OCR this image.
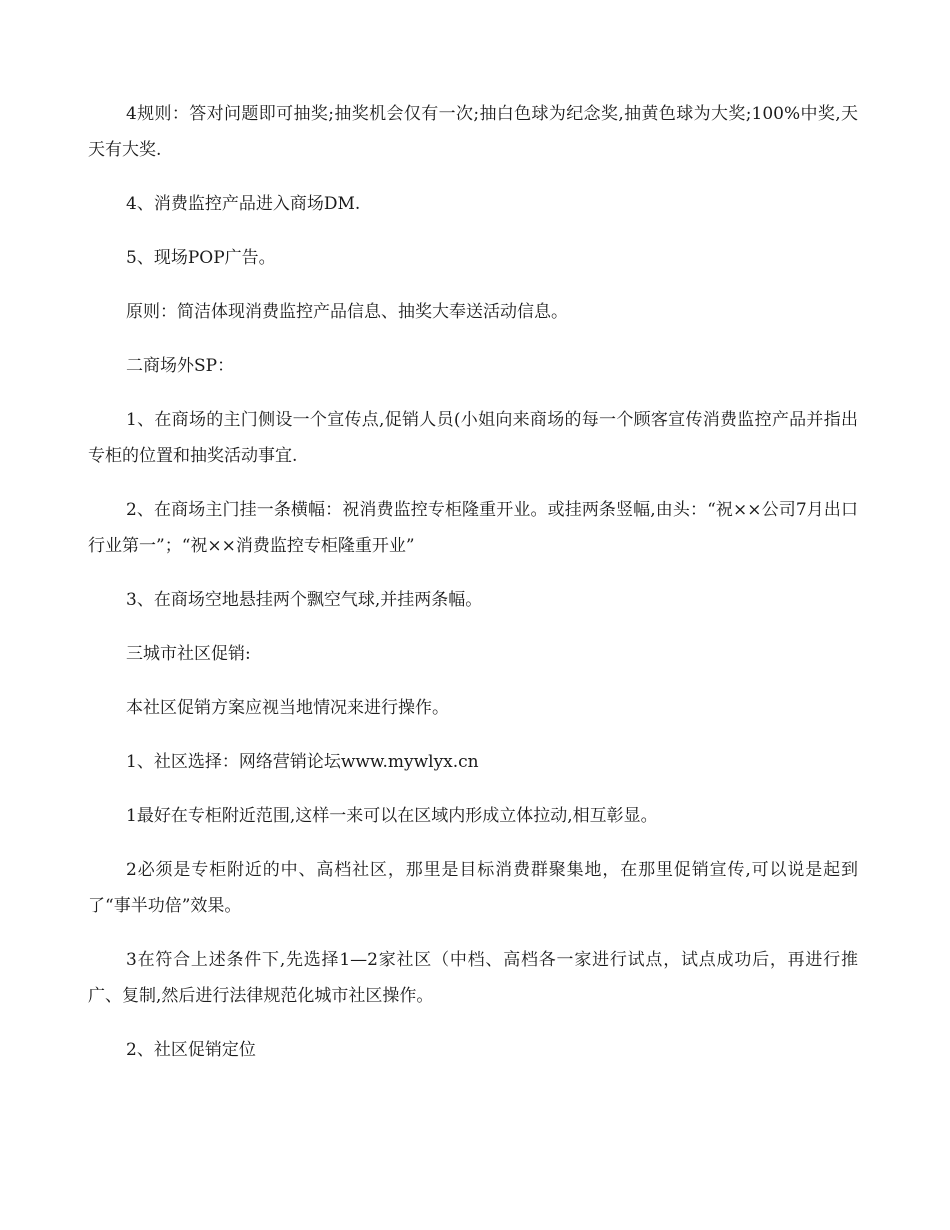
4规则：答对问题即可抽奖;抽奖机会仅有一次;抽白色球为纪念奖,抽黄色球为大奖;100%中奖,天天有大奖.

4、消费监控产品进入商场DM.

5、现场POP广告。

原则：简洁体现消费监控产品信息、抽奖大奉送活动信息。

二商场外SP：

1、在商场的主门侧设一个宣传点,促销人员(小姐向来商场的每一个顾客宣传消费监控产品并指出专柜的位置和抽奖活动事宜.

2、在商场主门挂一条横幅：祝消费监控专柜隆重开业。或挂两条竖幅,由头：“祝××公司7月出口行业第一”；“祝××消费监控专柜隆重开业”

3、在商场空地悬挂两个飘空气球,并挂两条幅。

三城市社区促销:

本社区促销方案应视当地情况来进行操作。

1、社区选择：网络营销论坛www.mywlyx.cn

1最好在专柜附近范围,这样一来可以在区域内形成立体拉动,相互彰显。

2必须是专柜附近的中、高档社区，那里是目标消费群聚集地，在那里促销宣传,可以说是起到了“事半功倍”效果。

3在符合上述条件下,先选择1—2家社区（中档、高档各一家进行试点，试点成功后，再进行推广、复制,然后进行法律规范化城市社区操作。

2、社区促销定位
